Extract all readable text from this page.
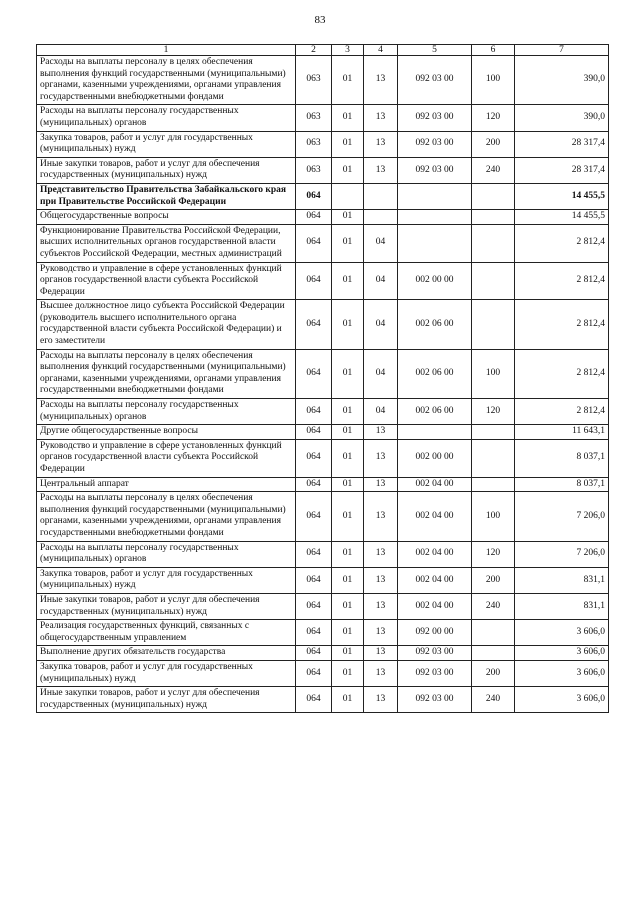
83
1	2	3	4	5	6	7
Расходы на выплаты персоналу в целях обеспечения выполнения функций государственными (муниципальными) органами, казенными учреждениями, органами управления государственными внебюджетными фондами	063	01	13	092 03 00	100	390,0
Расходы на выплаты персоналу государственных (муниципальных) органов	063	01	13	092 03 00	120	390,0
Закупка товаров, работ и услуг для государственных (муниципальных) нужд	063	01	13	092 03 00	200	28 317,4
Иные закупки товаров, работ и услуг для обеспечения государственных (муниципальных) нужд	063	01	13	092 03 00	240	28 317,4
Представительство Правительства Забайкальского края при Правительстве Российской Федерации	064					14 455,5
Общегосударственные вопросы	064	01				14 455,5
Функционирование Правительства Российской Федерации, высших исполнительных органов государственной власти субъектов Российской Федерации, местных администраций	064	01	04			2 812,4
Руководство и управление в сфере установленных функций органов государственной власти субъекта Российской Федерации	064	01	04	002 00 00		2 812,4
Высшее должностное лицо субъекта Российской Федерации (руководитель высшего исполнительного органа государственной власти субъекта Российской Федерации) и его заместители	064	01	04	002 06 00		2 812,4
Расходы на выплаты персоналу в целях обеспечения выполнения функций государственными (муниципальными) органами, казенными учреждениями, органами управления государственными внебюджетными фондами	064	01	04	002 06 00	100	2 812,4
Расходы на выплаты персоналу государственных (муниципальных) органов	064	01	04	002 06 00	120	2 812,4
Другие общегосударственные вопросы	064	01	13			11 643,1
Руководство и управление в сфере установленных функций органов государственной власти субъекта Российской Федерации	064	01	13	002 00 00		8 037,1
Центральный аппарат	064	01	13	002 04 00		8 037,1
Расходы на выплаты персоналу в целях обеспечения выполнения функций государственными (муниципальными) органами, казенными учреждениями, органами управления государственными внебюджетными фондами	064	01	13	002 04 00	100	7 206,0
Расходы на выплаты персоналу государственных (муниципальных) органов	064	01	13	002 04 00	120	7 206,0
Закупка товаров, работ и услуг для государственных (муниципальных) нужд	064	01	13	002 04 00	200	831,1
Иные закупки товаров, работ и услуг для обеспечения государственных (муниципальных) нужд	064	01	13	002 04 00	240	831,1
Реализация государственных функций, связанных с общегосударственным управлением	064	01	13	092 00 00		3 606,0
Выполнение других обязательств государства	064	01	13	092 03 00		3 606,0
Закупка товаров, работ и услуг для государственных (муниципальных) нужд	064	01	13	092 03 00	200	3 606,0
Иные закупки товаров, работ и услуг для обеспечения государственных (муниципальных) нужд	064	01	13	092 03 00	240	3 606,0
